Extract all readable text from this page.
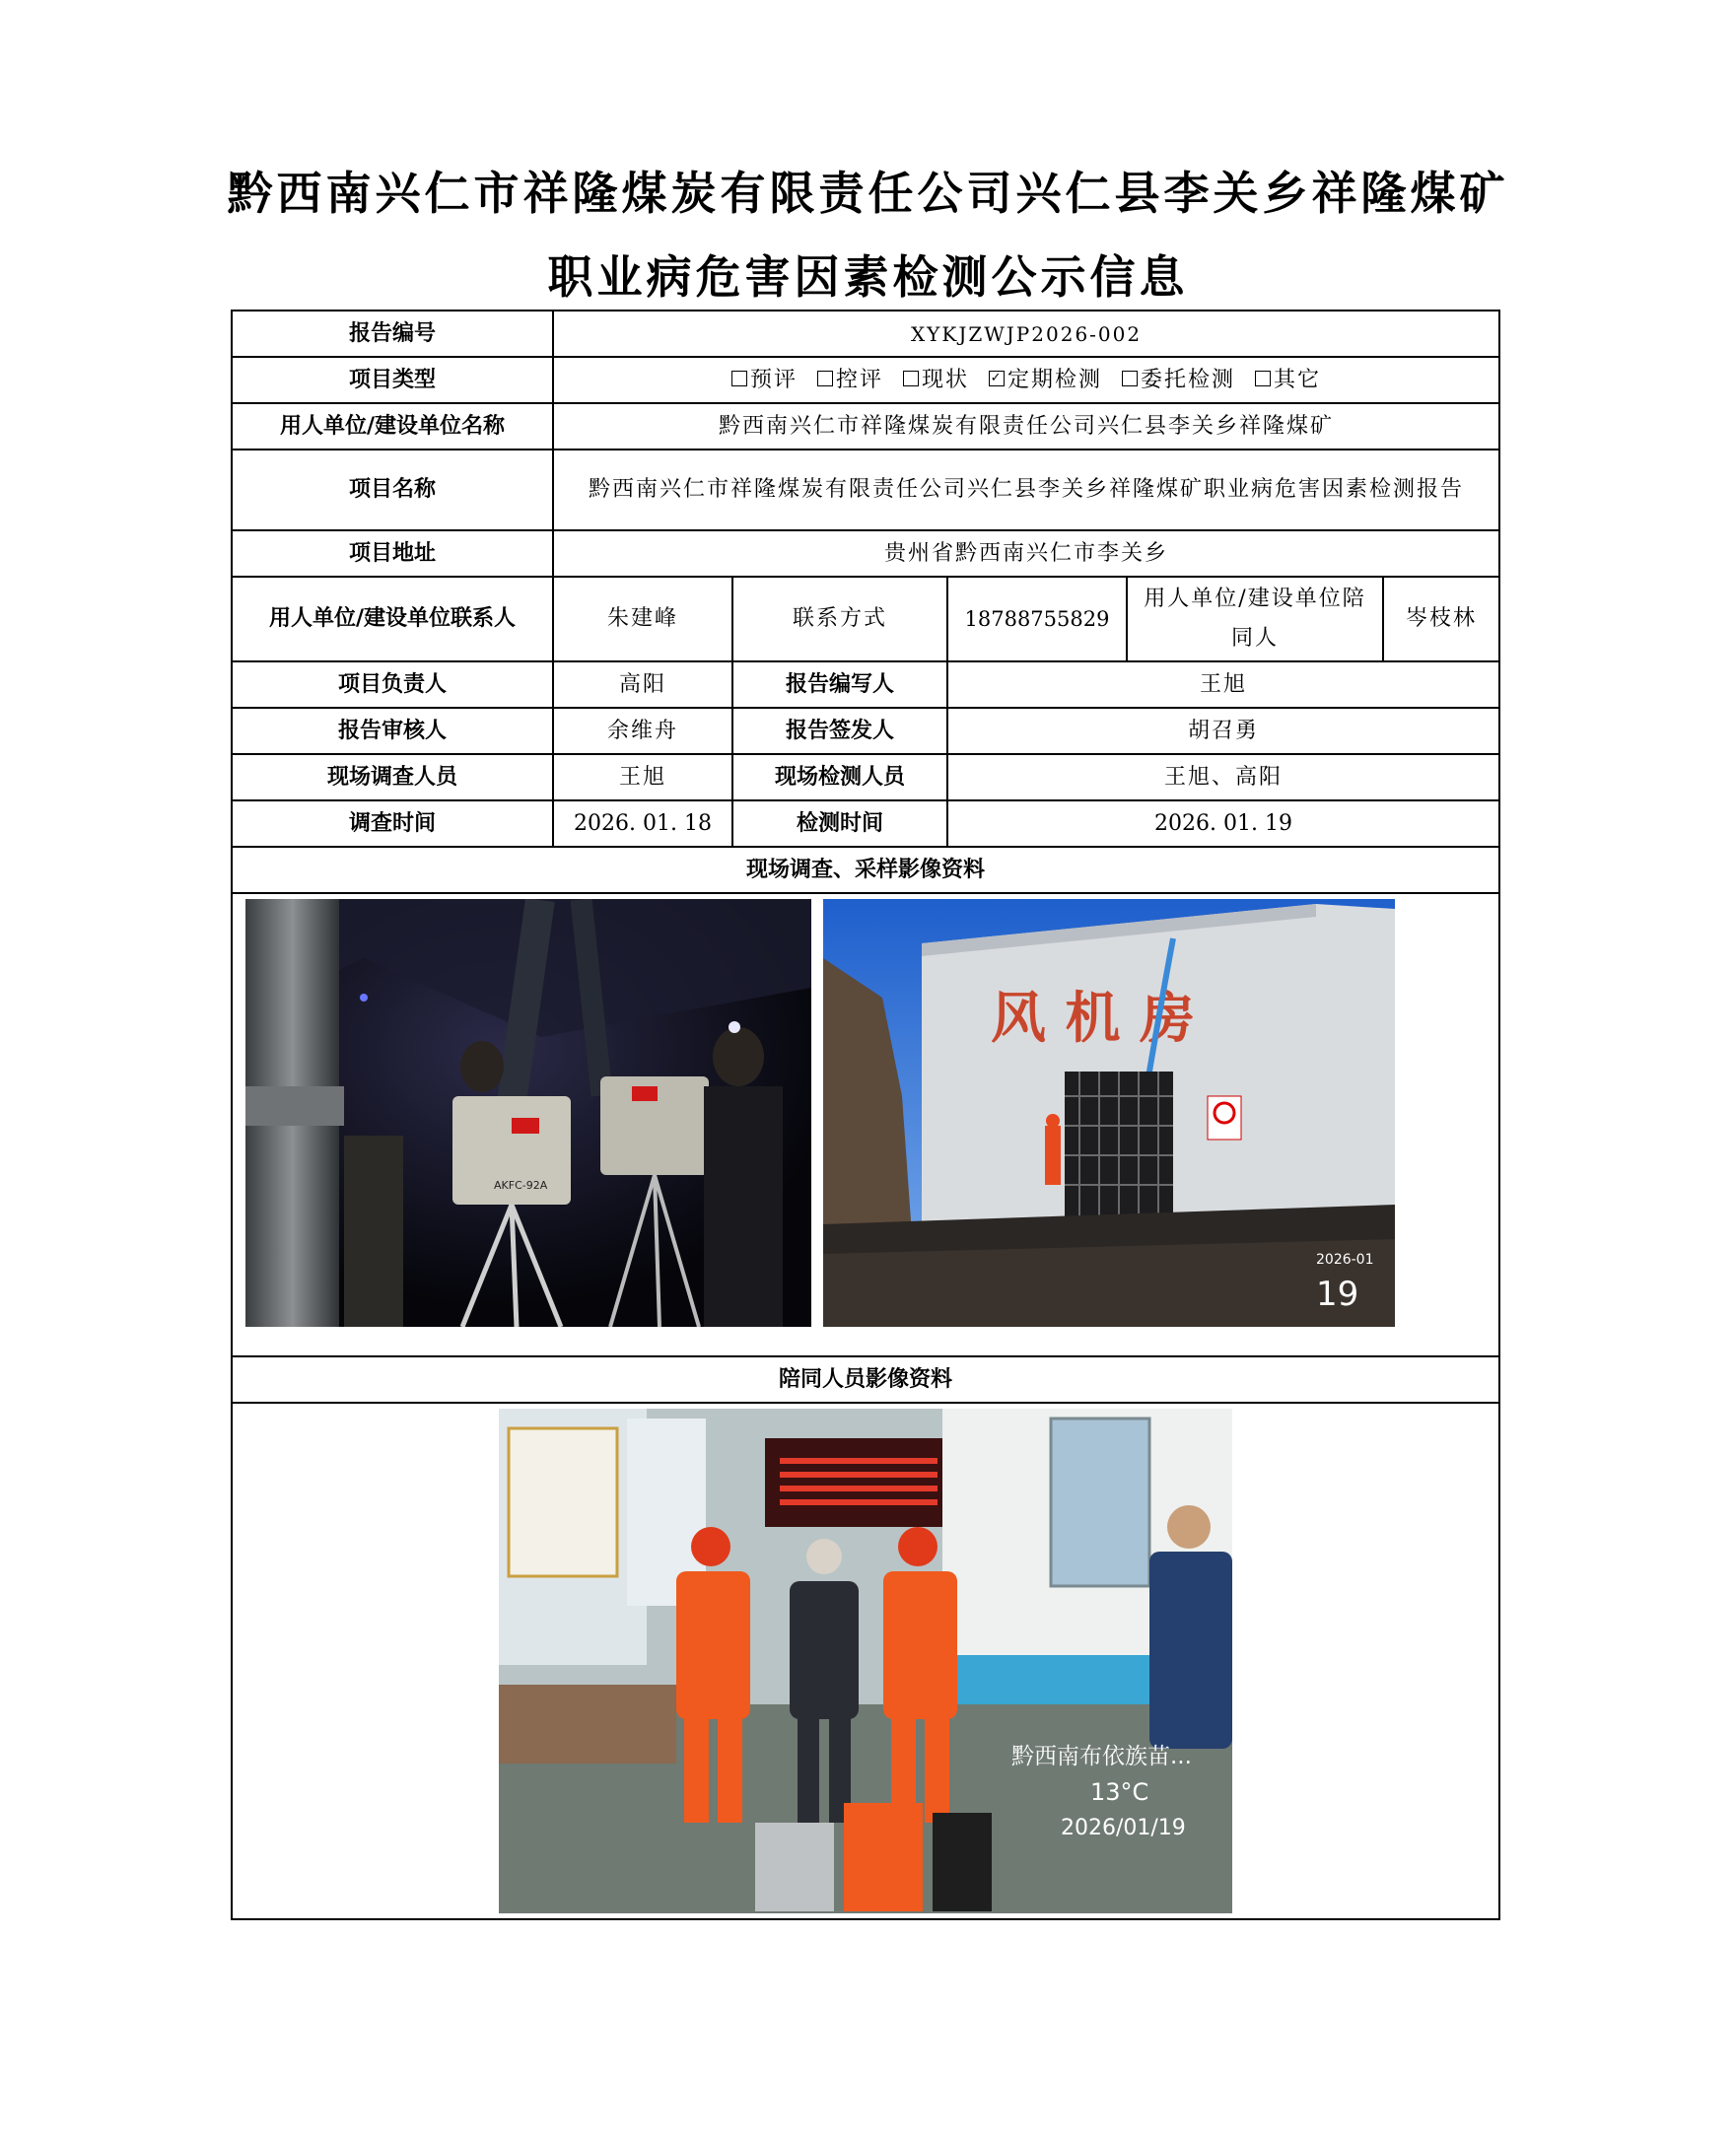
黔西南兴仁市祥隆煤炭有限责任公司兴仁县李关乡祥隆煤矿
职业病危害因素检测公示信息
报告编号	XYKJZWJP2026-002				
项目类型	预评 控评 现状 ✓ 定期检测 委托检测 其它				
用人单位/建设单位名称	黔西南兴仁市祥隆煤炭有限责任公司兴仁县李关乡祥隆煤矿				
项目名称	黔西南兴仁市祥隆煤炭有限责任公司兴仁县李关乡祥隆煤矿职业病危害因素检测报告				
项目地址	贵州省黔西南兴仁市李关乡				
用人单位/建设单位联系人	朱建峰	联系方式	18788755829	用人单位/建设单位陪同人	岑枝林
项目负责人	高阳	报告编写人	王旭		
报告审核人	余维舟	报告签发人	胡召勇		
现场调查人员	王旭	现场检测人员	王旭、高阳		
调查时间	2026. 01. 18	检测时间	2026. 01. 19		
现场调查、采样影像资料					

AKFC-92A
风 机 房
2026-01
19					

陪同人员影像资料					

黔西南布依族苗...
13°C
2026/01/19					
